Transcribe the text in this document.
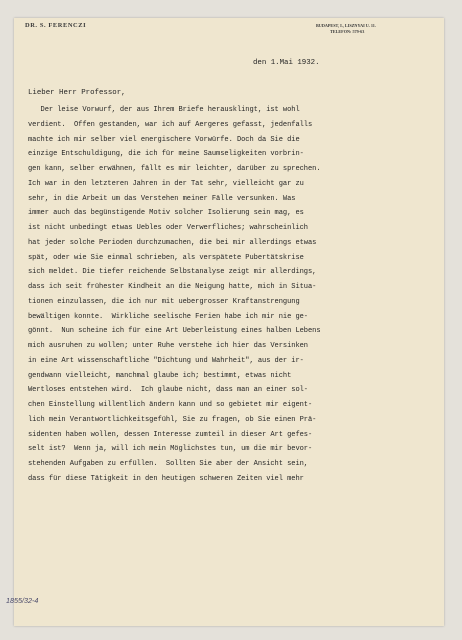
DR. S. FERENCZI	BUDAPEST, I., LISZNYAI U. 11.
TELEFON: 579-63
den 1.Mai 1932.
Lieber Herr Professor,
Der leise Vorwurf, der aus Ihrem Briefe herausklingt, ist wohl
verdient.  Offen gestanden, war ich auf Aergeres gefasst, jedenfalls
machte ich mir selber viel energischere Vorwürfe. Doch da Sie die
einzige Entschuldigung, die ich für meine Saumseligkeiten vorbrin-
gen kann, selber erwähnen, fällt es mir leichter, darüber zu sprechen.
Ich war in den letzteren Jahren in der Tat sehr, vielleicht gar zu
sehr, in die Arbeit um das Verstehen meiner Fälle versunken. Was
immer auch das begünstigende Motiv solcher Isolierung sein mag, es
ist nicht unbedingt etwas Uebles oder Verwerfliches; wahrscheinlich
hat jeder solche Perioden durchzumachen, die bei mir allerdings etwas
spät, oder wie Sie einmal schrieben, als verspätete Pubertätskrise
sich meldet. Die tiefer reichende Selbstanalyse zeigt mir allerdings,
dass ich seit frühester Kindheit an die Neigung hatte, mich in Situa-
tionen einzulassen, die ich nur mit uebergrosser Kraftanstrengung
bewältigen konnte.  Wirkliche seelische Ferien habe ich mir nie ge-
gönnt.  Nun scheine ich für eine Art Ueberleistung eines halben Lebens
mich ausruhen zu wollen; unter Ruhe verstehe ich hier das Versinken
in eine Art wissenschaftliche "Dichtung und Wahrheit", aus der ir-
gendwann vielleicht, manchmal glaube ich; bestimmt, etwas nicht
Wertloses entstehen wird.  Ich glaube nicht, dass man an einer sol-
chen Einstellung willentlich ändern kann und so gebietet mir eigent-
lich mein Verantwortlichkeitsgefühl, Sie zu fragen, ob Sie einen Prä-
sidenten haben wollen, dessen Interesse zumteil in dieser Art gefes-
selt ist?  Wenn ja, will ich mein Möglichstes tun, um die mir bevor-
stehenden Aufgaben zu erfüllen.  Sollten Sie aber der Ansicht sein,
dass für diese Tätigkeit in den heutigen schweren Zeiten viel mehr
1855/32-4
